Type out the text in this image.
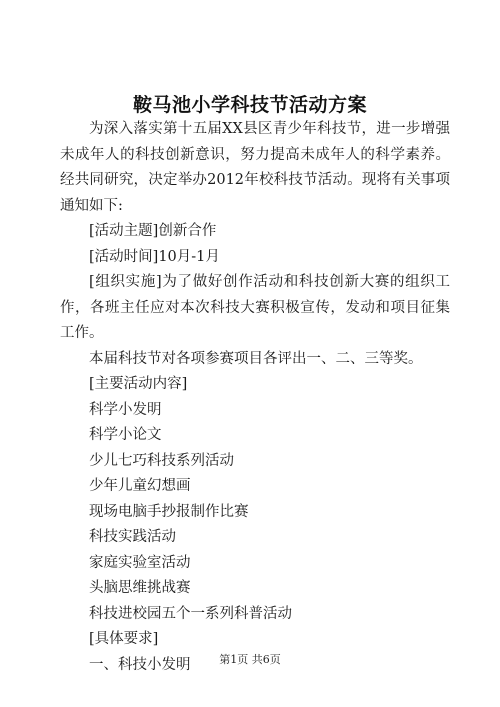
鞍马池小学科技节活动方案

为深入落实第十五届XX县区青少年科技节，进一步增强未成年人的科技创新意识，努力提高未成年人的科学素养。经共同研究，决定举办2012年校科技节活动。现将有关事项通知如下:

[活动主题]创新合作

[活动时间]10月-1月

[组织实施]为了做好创作活动和科技创新大赛的组织工作，各班主任应对本次科技大赛积极宣传，发动和项目征集工作。

本届科技节对各项参赛项目各评出一、二、三等奖。

[主要活动内容]

科学小发明

科学小论文

少儿七巧科技系列活动

少年儿童幻想画

现场电脑手抄报制作比赛

科技实践活动

家庭实验室活动

头脑思维挑战赛

科技进校园五个一系列科普活动

[具体要求]

一、科技小发明	第1页 共6页
